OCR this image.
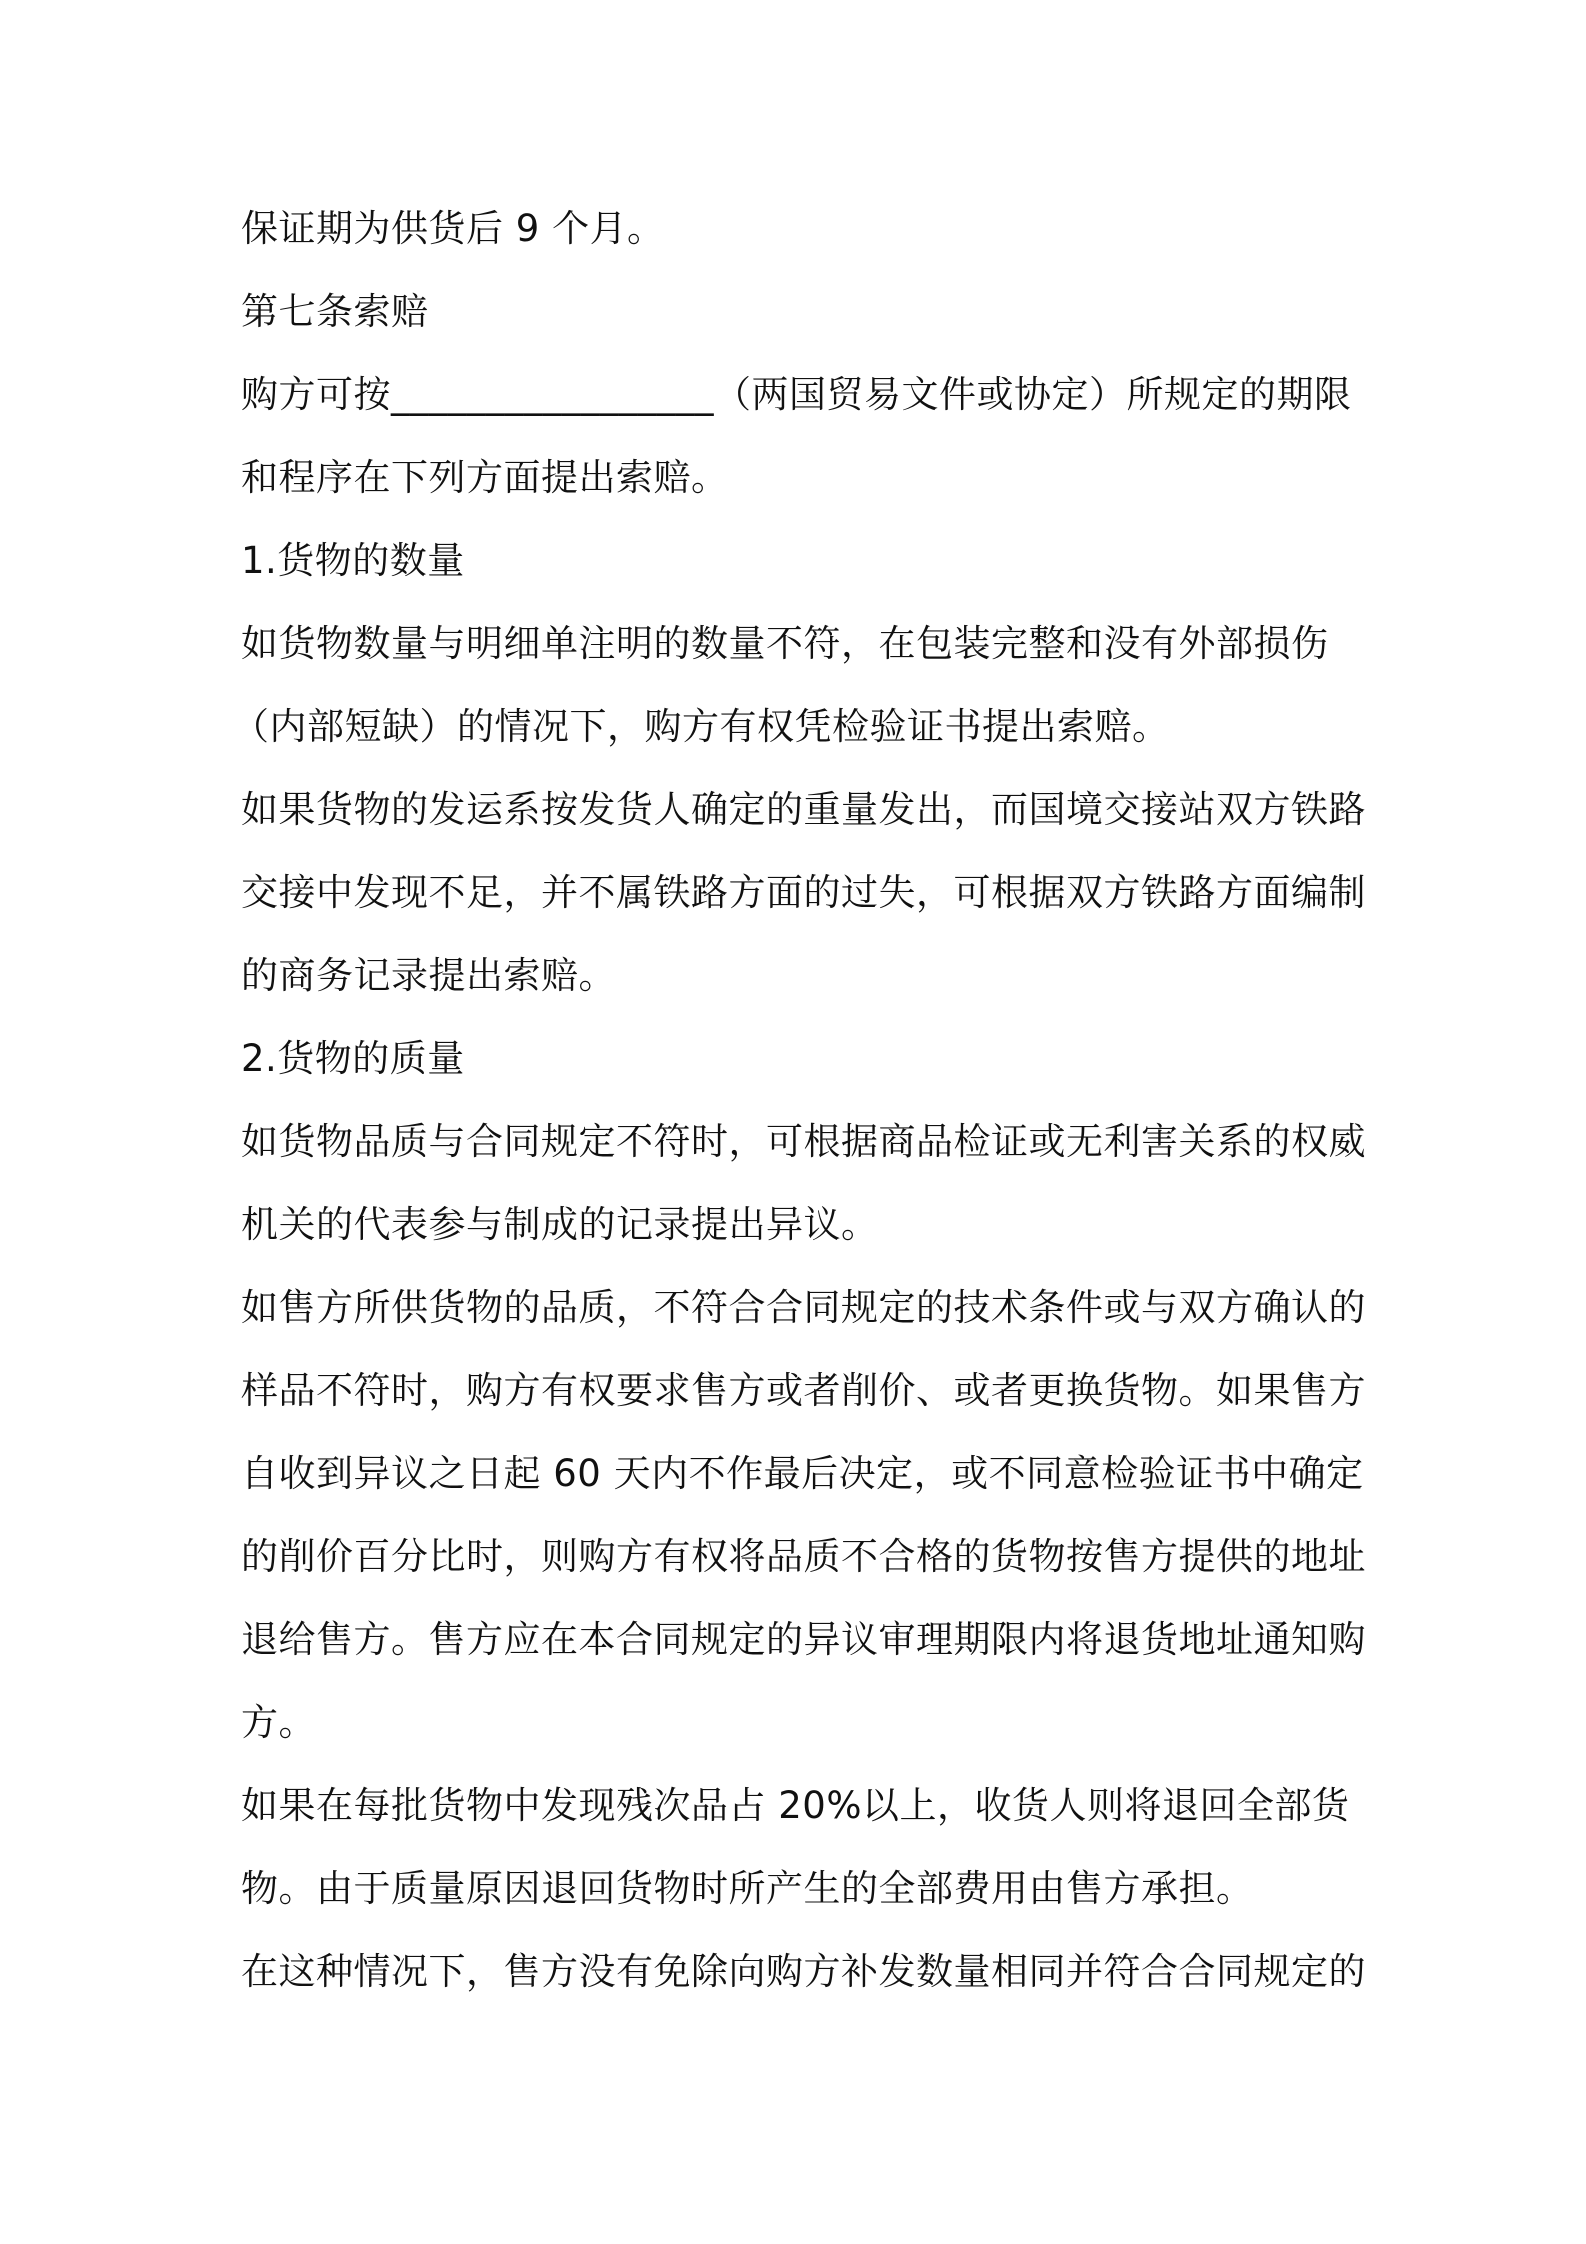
保证期为供货后 9 个月。
第七条索赔
购方可按_________________（两国贸易文件或协定）所规定的期限
和程序在下列方面提出索赔。
1.货物的数量
如货物数量与明细单注明的数量不符，在包装完整和没有外部损伤
（内部短缺）的情况下，购方有权凭检验证书提出索赔。
如果货物的发运系按发货人确定的重量发出，而国境交接站双方铁路
交接中发现不足，并不属铁路方面的过失，可根据双方铁路方面编制
的商务记录提出索赔。
2.货物的质量
如货物品质与合同规定不符时，可根据商品检证或无利害关系的权威
机关的代表参与制成的记录提出异议。
如售方所供货物的品质，不符合合同规定的技术条件或与双方确认的
样品不符时，购方有权要求售方或者削价、或者更换货物。如果售方
自收到异议之日起 60 天内不作最后决定，或不同意检验证书中确定
的削价百分比时，则购方有权将品质不合格的货物按售方提供的地址
退给售方。售方应在本合同规定的异议审理期限内将退货地址通知购
方。
如果在每批货物中发现残次品占 20%以上，收货人则将退回全部货
物。由于质量原因退回货物时所产生的全部费用由售方承担。
在这种情况下，售方没有免除向购方补发数量相同并符合合同规定的
